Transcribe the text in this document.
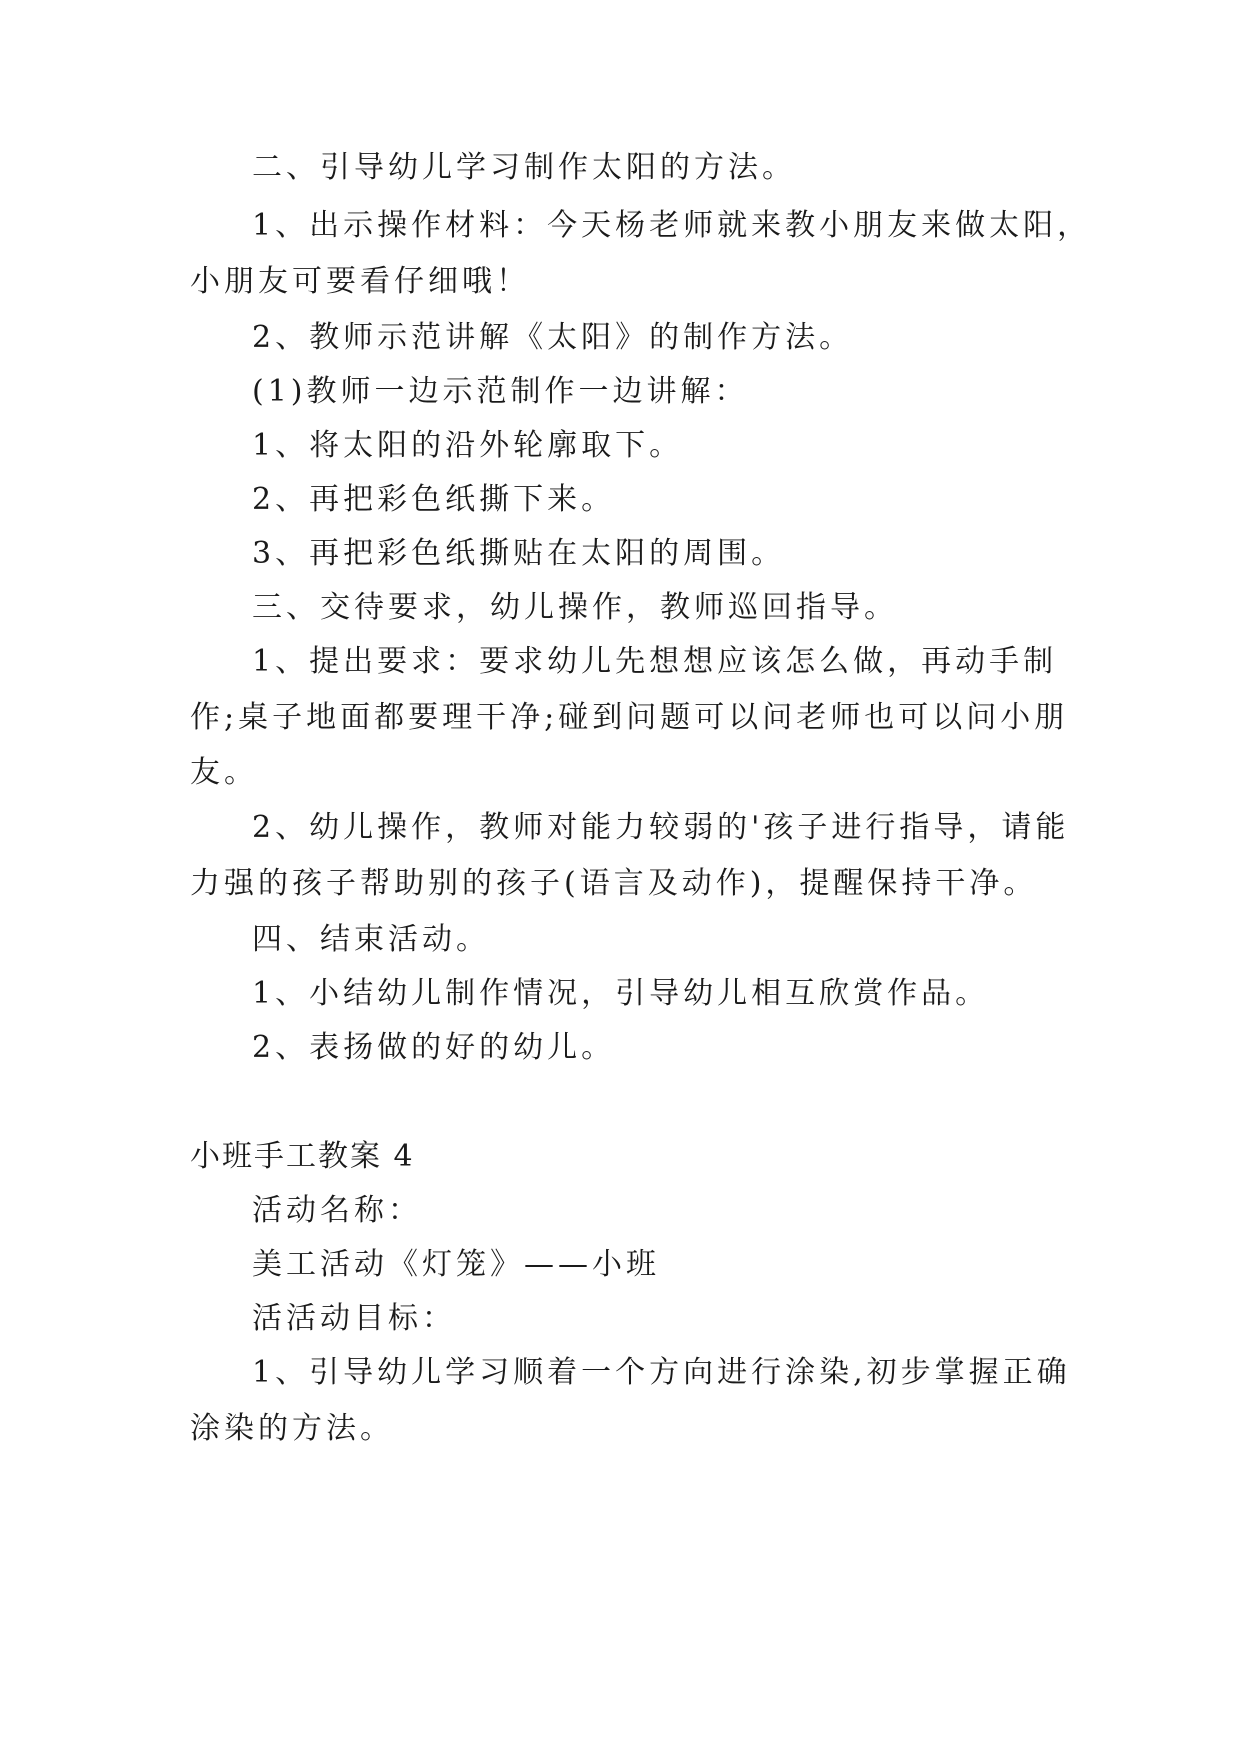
二、引导幼儿学习制作太阳的方法。
1、出示操作材料：今天杨老师就来教小朋友来做太阳，
小朋友可要看仔细哦！
2、教师示范讲解《太阳》的制作方法。
(1)教师一边示范制作一边讲解：
1、将太阳的沿外轮廓取下。
2、再把彩色纸撕下来。
3、再把彩色纸撕贴在太阳的周围。
三、交待要求，幼儿操作，教师巡回指导。
1、提出要求：要求幼儿先想想应该怎么做，再动手制
作;桌子地面都要理干净;碰到问题可以问老师也可以问小朋
友。
2、幼儿操作，教师对能力较弱的'孩子进行指导，请能
力强的孩子帮助别的孩子(语言及动作)，提醒保持干净。
四、结束活动。
1、小结幼儿制作情况，引导幼儿相互欣赏作品。
2、表扬做的好的幼儿。
小班手工教案 4
活动名称：
美工活动《灯笼》——小班
活活动目标：
1、引导幼儿学习顺着一个方向进行涂染,初步掌握正确
涂染的方法。
